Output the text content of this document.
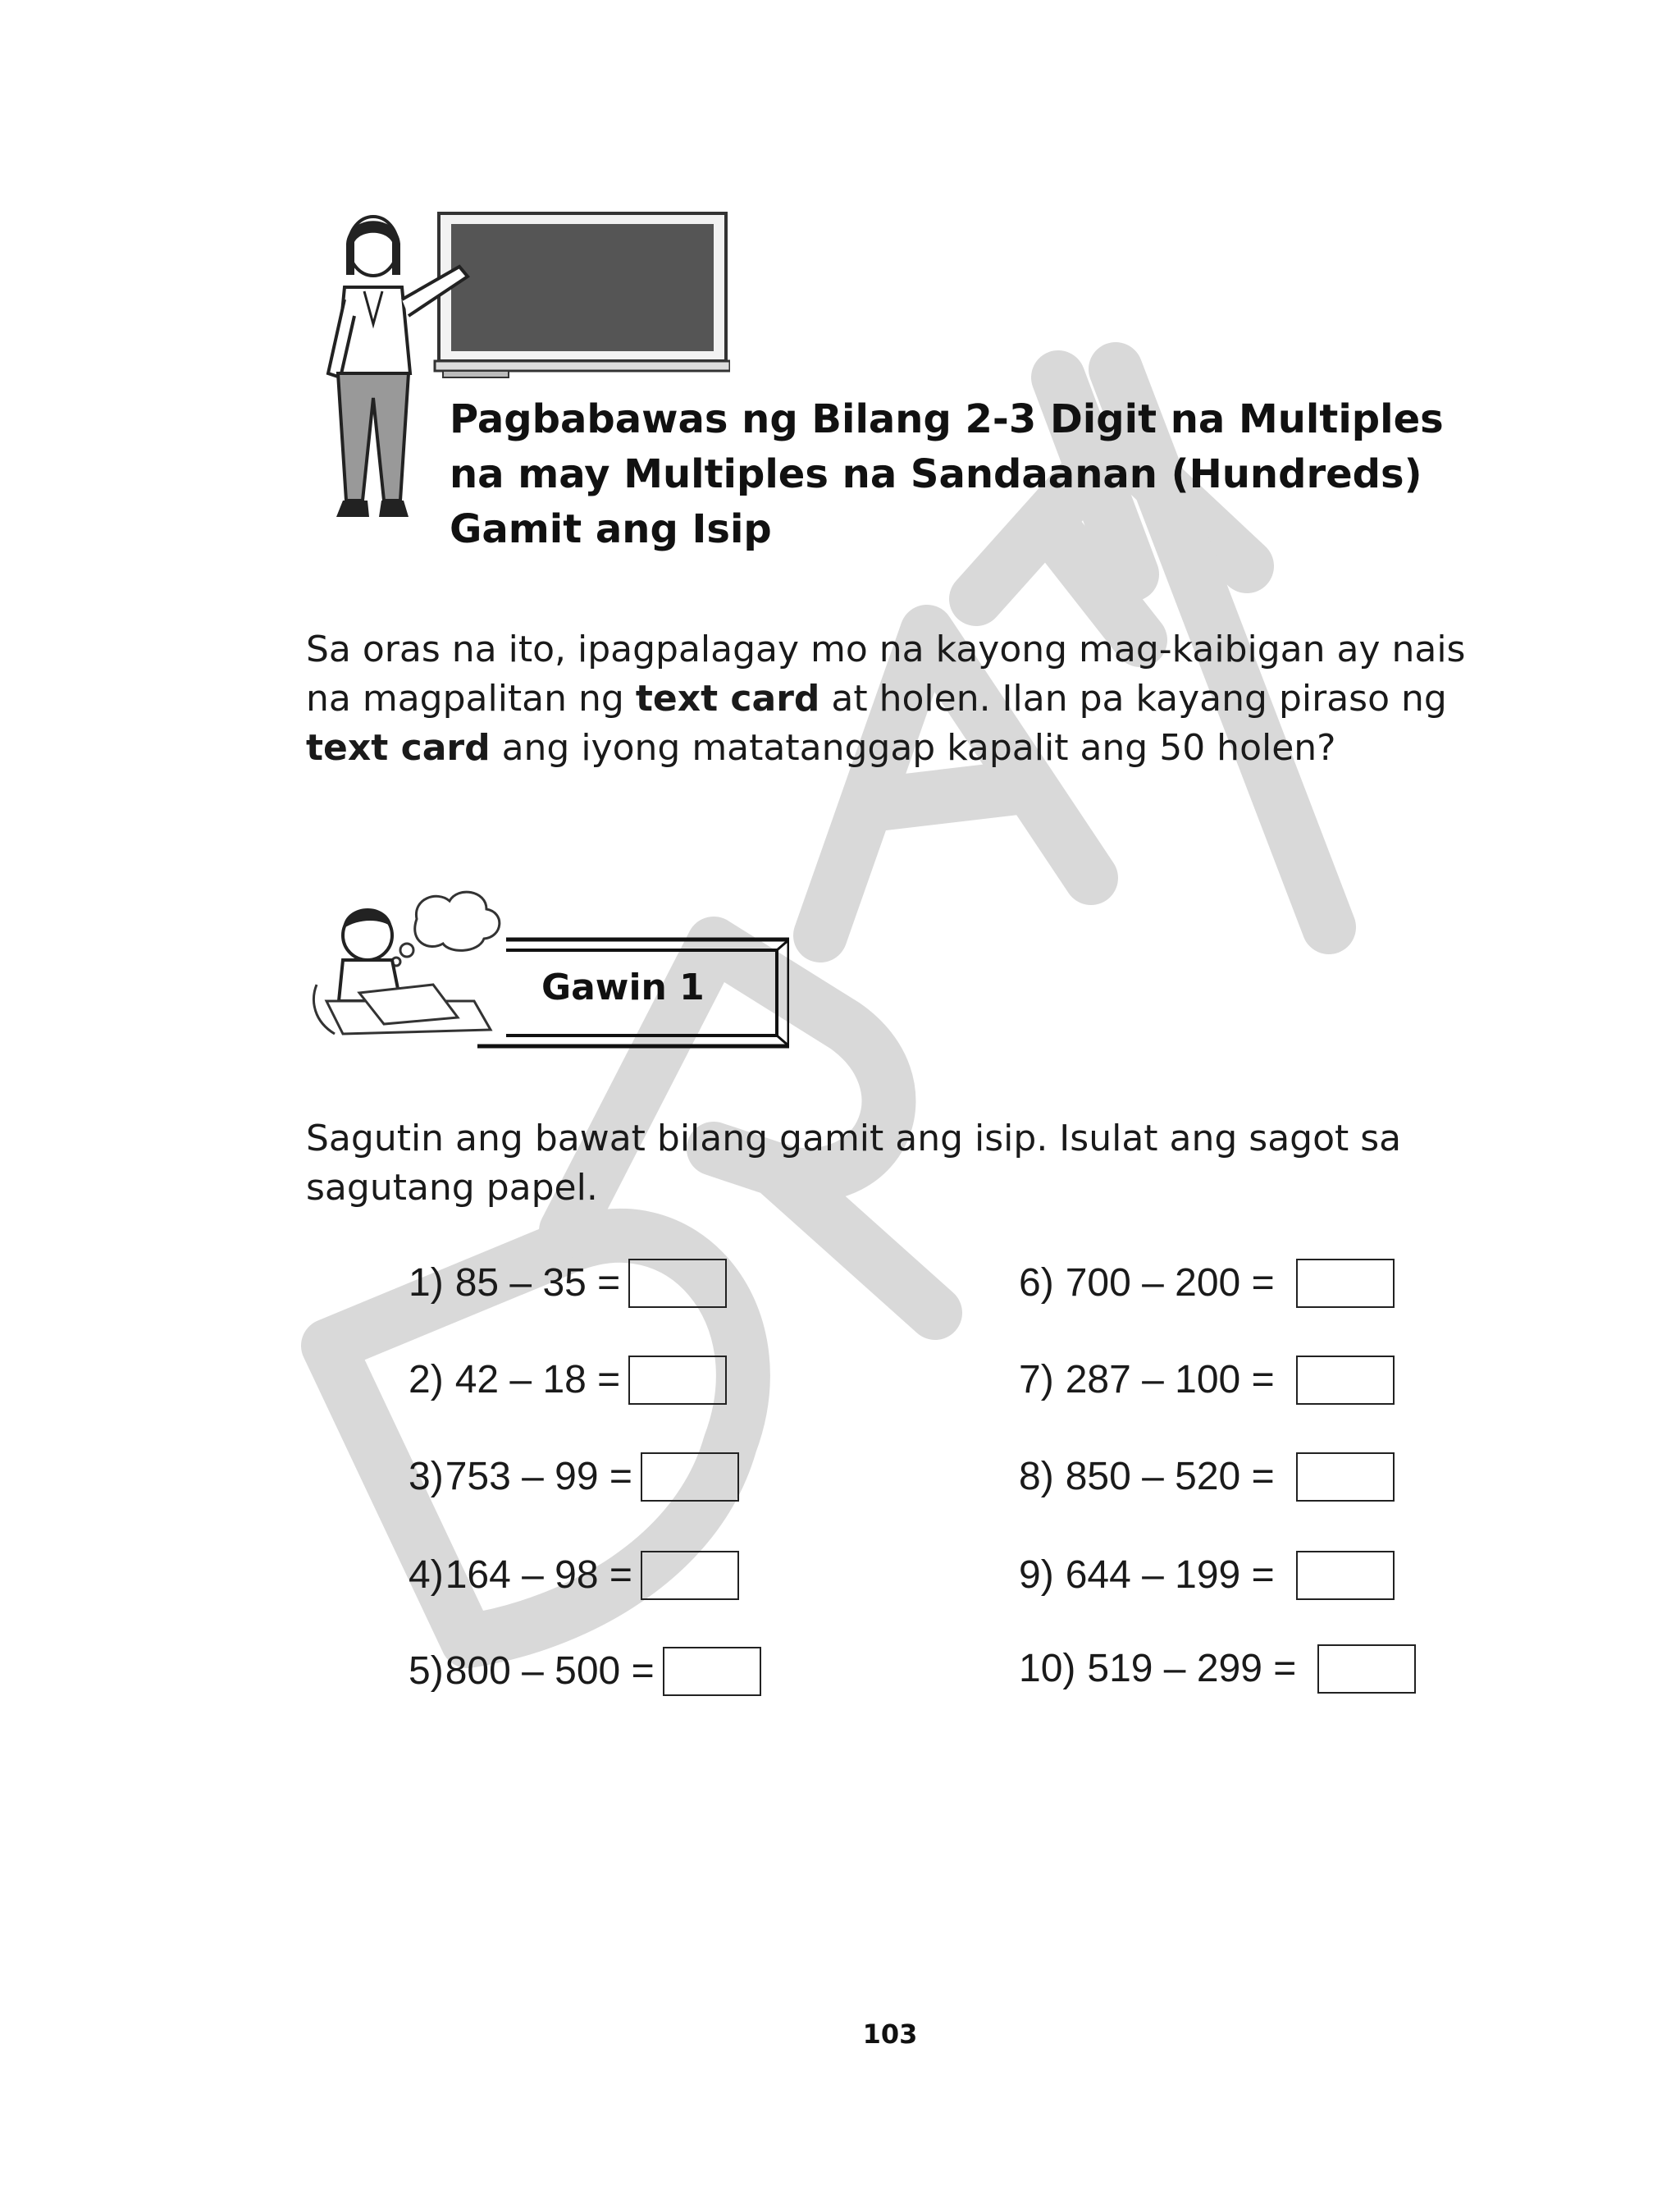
Pagbabawas ng Bilang 2-3 Digit na Multiples
na may Multiples na Sandaanan (Hundreds)
Gamit ang Isip
Sa oras na ito, ipagpalagay mo na kayong mag-kaibigan ay nais na magpalitan ng text card at holen. Ilan pa kayang piraso ng text card ang iyong matatanggap kapalit ang 50 holen?
Gawin 1
Sagutin ang bawat bilang gamit ang isip. Isulat ang sagot sa sagutang papel.
1) 85 – 35 =
2) 42 – 18 =
3) 753 – 99 =
4) 164 – 98 =
5) 800 – 500 =
6) 700 – 200 =
7) 287 – 100 =
8) 850 – 520 =
9) 644 – 199 =
10) 519 – 299 =
103
